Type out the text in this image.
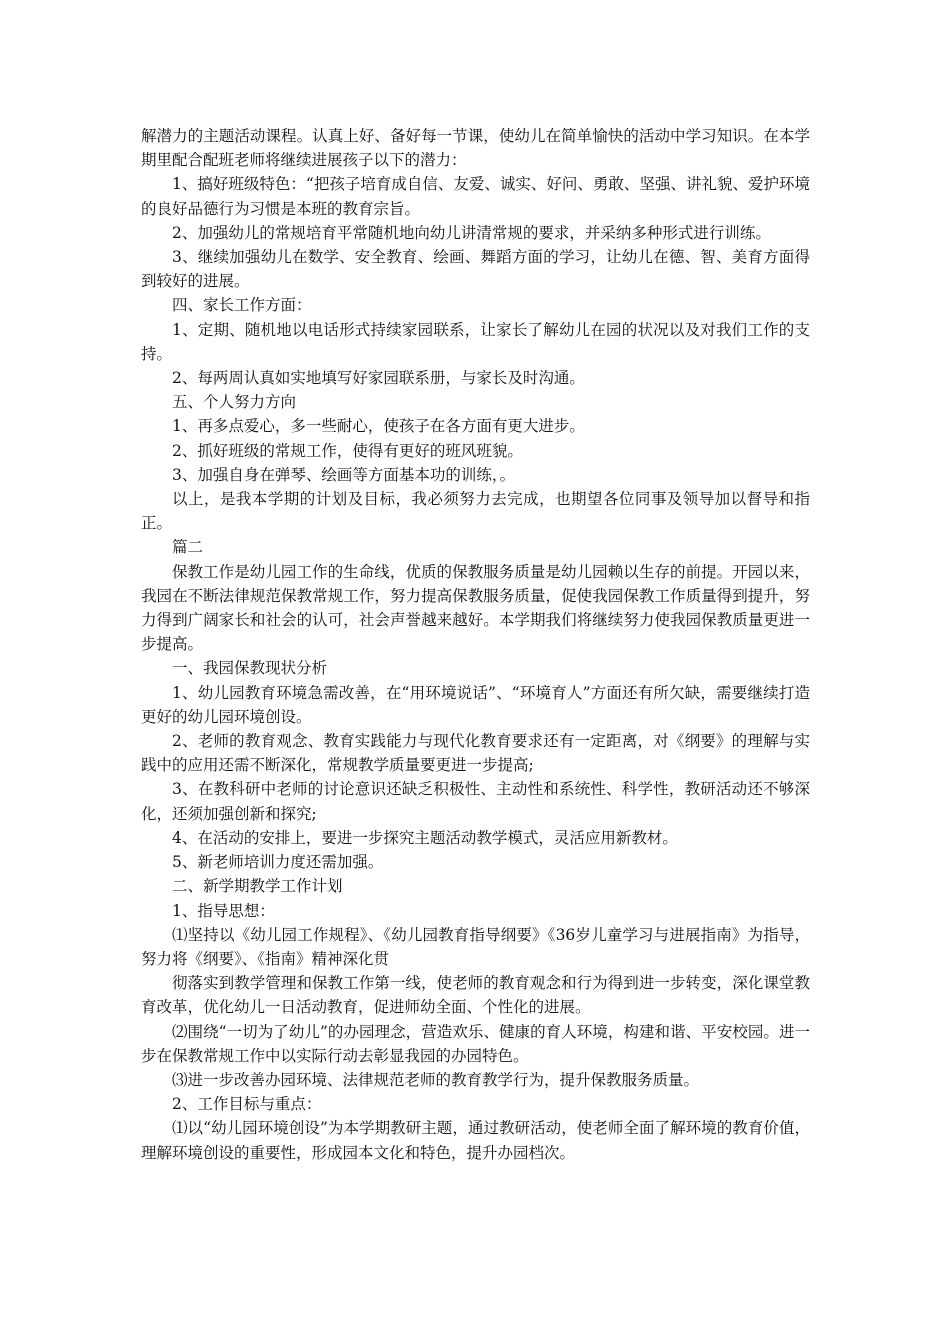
解潜力的主题活动课程。认真上好、备好每一节课，使幼儿在简单愉快的活动中学习知识。在本学期里配合配班老师将继续进展孩子以下的潜力：

1、搞好班级特色：“把孩子培育成自信、友爱、诚实、好问、勇敢、坚强、讲礼貌、爱护环境的良好品德行为习惯是本班的教育宗旨。

2、加强幼儿的常规培育平常随机地向幼儿讲清常规的要求，并采纳多种形式进行训练。

3、继续加强幼儿在数学、安全教育、绘画、舞蹈方面的学习，让幼儿在德、智、美育方面得到较好的进展。

四、家长工作方面：

1、定期、随机地以电话形式持续家园联系，让家长了解幼儿在园的状况以及对我们工作的支持。

2、每两周认真如实地填写好家园联系册，与家长及时沟通。

五、个人努力方向

1、再多点爱心，多一些耐心，使孩子在各方面有更大进步。

2、抓好班级的常规工作，使得有更好的班风班貌。

3、加强自身在弹琴、绘画等方面基本功的训练，。

以上，是我本学期的计划及目标，我必须努力去完成，也期望各位同事及领导加以督导和指正。

篇二

保教工作是幼儿园工作的生命线，优质的保教服务质量是幼儿园赖以生存的前提。开园以来，我园在不断法律规范保教常规工作，努力提高保教服务质量，促使我园保教工作质量得到提升，努力得到广阔家长和社会的认可，社会声誉越来越好。本学期我们将继续努力使我园保教质量更进一步提高。

一、我园保教现状分析

1、幼儿园教育环境急需改善，在“用环境说话”、“环境育人”方面还有所欠缺，需要继续打造更好的幼儿园环境创设。

2、老师的教育观念、教育实践能力与现代化教育要求还有一定距离，对《纲要》的理解与实践中的应用还需不断深化，常规教学质量要更进一步提高;

3、在教科研中老师的讨论意识还缺乏积极性、主动性和系统性、科学性，教研活动还不够深化，还须加强创新和探究;

4、在活动的安排上，要进一步探究主题活动教学模式，灵活应用新教材。

5、新老师培训力度还需加强。

二、新学期教学工作计划

1、指导思想：

⑴坚持以《幼儿园工作规程》、《幼儿园教育指导纲要》《36岁儿童学习与进展指南》为指导，努力将《纲要》、《指南》精神深化贯

彻落实到教学管理和保教工作第一线，使老师的教育观念和行为得到进一步转变，深化课堂教育改革，优化幼儿一日活动教育，促进师幼全面、个性化的进展。

⑵围绕“一切为了幼儿”的办园理念，营造欢乐、健康的育人环境，构建和谐、平安校园。进一步在保教常规工作中以实际行动去彰显我园的办园特色。

⑶进一步改善办园环境、法律规范老师的教育教学行为，提升保教服务质量。

2、工作目标与重点：

⑴以“幼儿园环境创设”为本学期教研主题，通过教研活动，使老师全面了解环境的教育价值，理解环境创设的重要性，形成园本文化和特色，提升办园档次。
